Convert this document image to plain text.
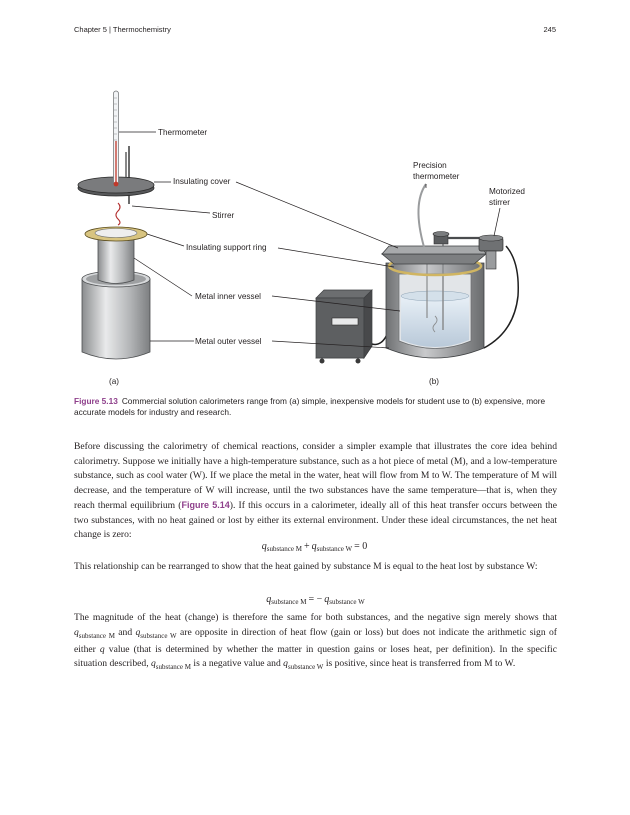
Chapter 5 | Thermochemistry	245
Thermometer
Insulating cover
Stirrer
Insulating support ring
Metal inner vessel
Metal outer vessel
Precision
thermometer
Motorized
stirrer
(a)	(b)
Figure 5.13 Commercial solution calorimeters range from (a) simple, inexpensive models for student use to (b) expensive, more accurate models for industry and research.
Before discussing the calorimetry of chemical reactions, consider a simpler example that illustrates the core idea behind calorimetry. Suppose we initially have a high-temperature substance, such as a hot piece of metal (M), and a low-temperature substance, such as cool water (W). If we place the metal in the water, heat will flow from M to W. The temperature of M will decrease, and the temperature of W will increase, until the two substances have the same temperature—that is, when they reach thermal equilibrium (Figure 5.14). If this occurs in a calorimeter, ideally all of this heat transfer occurs between the two substances, with no heat gained or lost by either its external environment. Under these ideal circumstances, the net heat change is zero:
$q_{substance M} + q_{substance W} = 0$
This relationship can be rearranged to show that the heat gained by substance M is equal to the heat lost by substance W:
$q_{substance M}$ = − $q_{substance W}$
The magnitude of the heat (change) is therefore the same for both substances, and the negative sign merely shows that $q_{substance M}$ and $q_{substance W}$ are opposite in direction of heat flow (gain or loss) but does not indicate the arithmetic sign of either q value (that is determined by whether the matter in question gains or loses heat, per definition). In the specific situation described, $q_{substance M}$ is a negative value and $q_{substance W}$ is positive, since heat is transferred from M to W.
